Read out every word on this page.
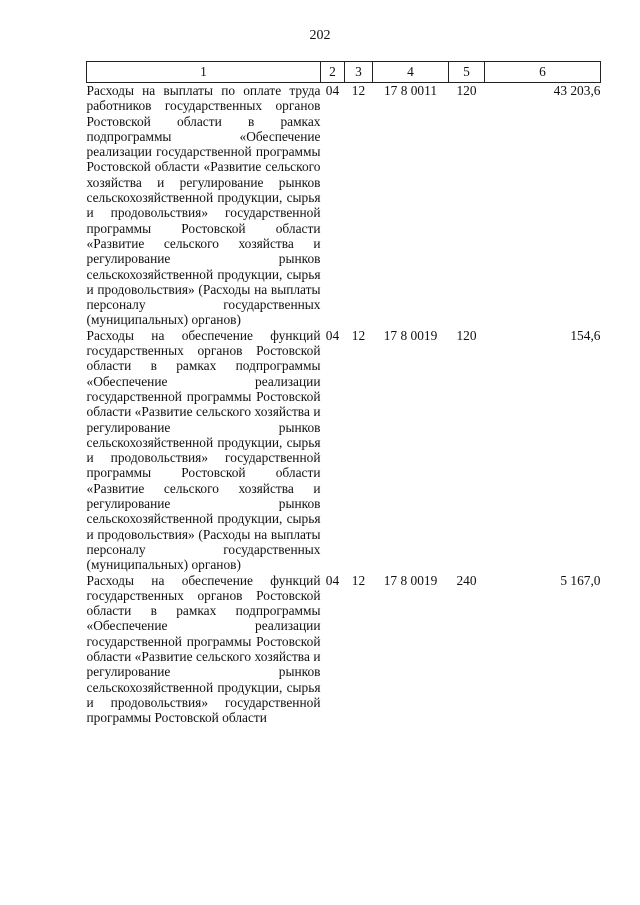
202
1	2	3	4	5	6
Расходы на выплаты по оплате труда работников государственных органов Ростовской области в рамках подпрограммы «Обеспечение реализации государственной программы Ростовской области «Развитие сельского хозяйства и регулирование рынков сельскохозяйственной продукции, сырья и продовольствия» государственной программы Ростовской области «Развитие сельского хозяйства и регулирование рынков сельскохозяйственной продукции, сырья и продовольствия» (Расходы на выплаты персоналу государственных (муниципальных) органов)	04	12	17 8 0011	120	43 203,6
Расходы на обеспечение функций государственных органов Ростовской области в рамках подпрограммы «Обеспечение реализации государственной программы Ростовской области «Развитие сельского хозяйства и регулирование рынков сельскохозяйственной продукции, сырья и продовольствия» государственной программы Ростовской области «Развитие сельского хозяйства и регулирование рынков сельскохозяйственной продукции, сырья и продовольствия» (Расходы на выплаты персоналу государственных (муниципальных) органов)	04	12	17 8 0019	120	154,6
Расходы на обеспечение функций государственных органов Ростовской области в рамках подпрограммы «Обеспечение реализации государственной программы Ростовской области «Развитие сельского хозяйства и регулирование рынков сельскохозяйственной продукции, сырья и продовольствия» государственной программы Ростовской области	04	12	17 8 0019	240	5 167,0
